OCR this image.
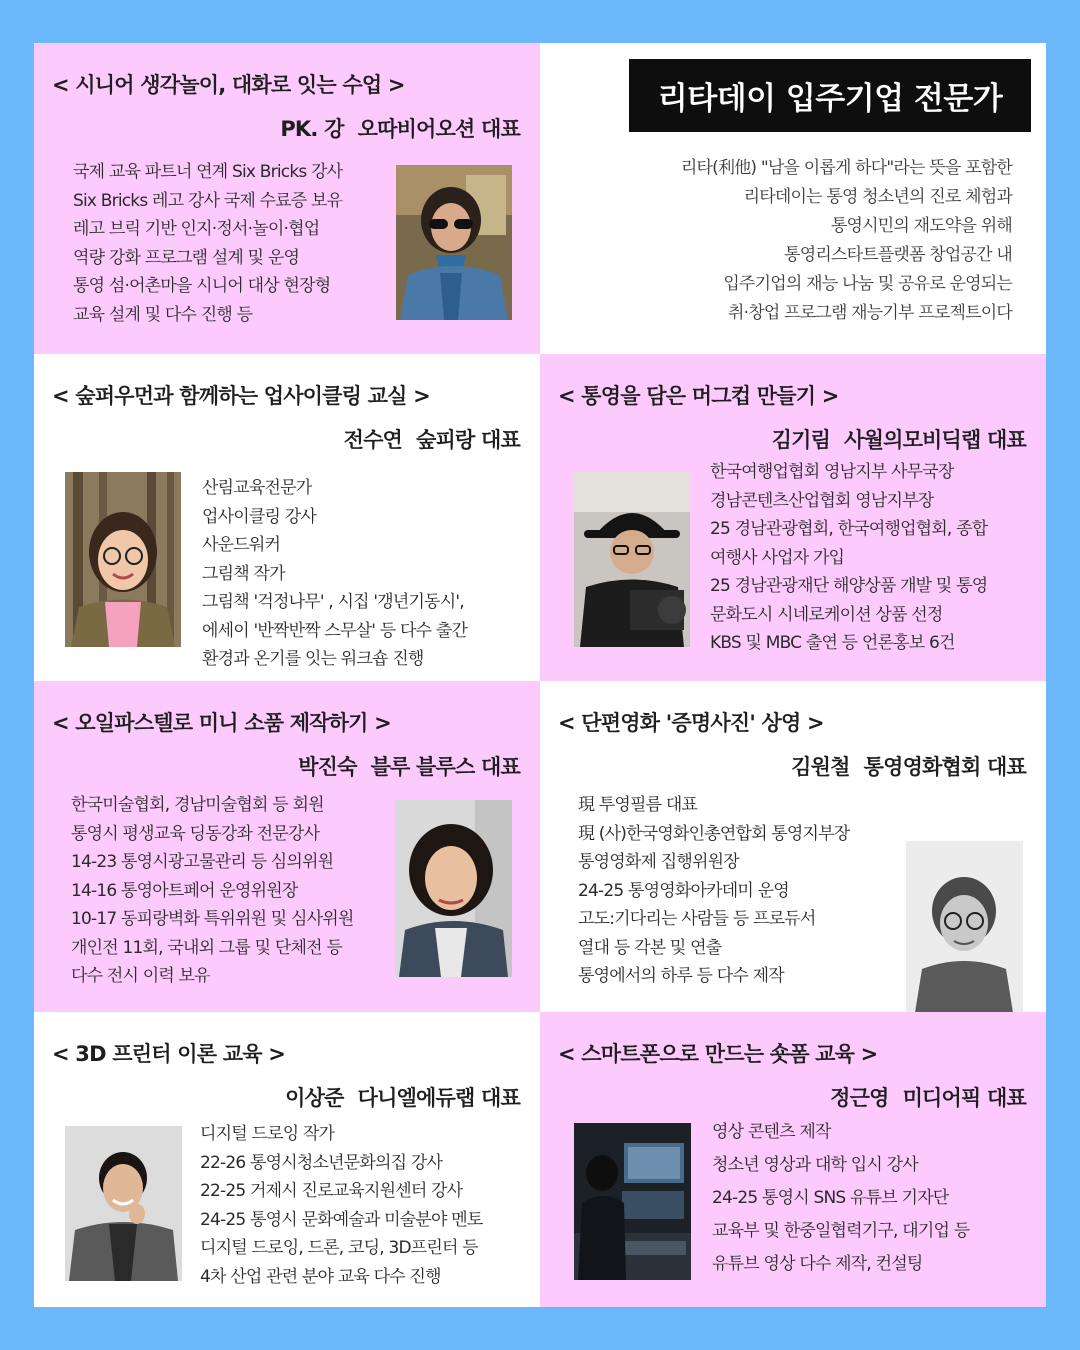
< 시니어 생각놀이, 대화로 잇는 수업 >
PK. 강 오따비어오션 대표
국제 교육 파트너 연계 Six Bricks 강사
Six Bricks 레고 강사 국제 수료증 보유
레고 브릭 기반 인지·정서·놀이·협업
역량 강화 프로그램 설계 및 운영
통영 섬·어촌마을 시니어 대상 현장형
교육 설계 및 다수 진행 등
리타데이 입주기업 전문가
리타(利他) "남을 이롭게 하다"라는 뜻을 포함한
리타데이는 통영 청소년의 진로 체험과
통영시민의 재도약을 위해
통영리스타트플랫폼 창업공간 내
입주기업의 재능 나눔 및 공유로 운영되는
취·창업 프로그램 재능기부 프로젝트이다
< 숲퍼우먼과 함께하는 업사이클링 교실 >
전수연 숲피랑 대표
산림교육전문가
업사이클링 강사
사운드워커
그림책 작가
그림책 '걱정나무' , 시집 '갱년기동시',
에세이 '반짝반짝 스무살' 등 다수 출간
환경과 온기를 잇는 워크숍 진행
< 통영을 담은 머그컵 만들기 >
김기림 사월의모비딕랩 대표
한국여행업협회 영남지부 사무국장
경남콘텐츠산업협회 영남지부장
25 경남관광협회, 한국여행업협회, 종합
여행사 사업자 가입
25 경남관광재단 해양상품 개발 및 통영
문화도시 시네로케이션 상품 선정
KBS 및 MBC 출연 등 언론홍보 6건
< 오일파스텔로 미니 소품 제작하기 >
박진숙 블루 블루스 대표
한국미술협회, 경남미술협회 등 회원
통영시 평생교육 딩동강좌 전문강사
14-23 통영시광고물관리 등 심의위원
14-16 통영아트페어 운영위원장
10-17 동피랑벽화 특위위원 및 심사위원
개인전 11회, 국내외 그룹 및 단체전 등
다수 전시 이력 보유
< 단편영화 '증명사진' 상영 >
김원철 통영영화협회 대표
現 투영필름 대표
現 (사)한국영화인총연합회 통영지부장
통영영화제 집행위원장
24-25 통영영화아카데미 운영
고도:기다리는 사람들 등 프로듀서
열대 등 각본 및 연출
통영에서의 하루 등 다수 제작
< 3D 프린터 이론 교육 >
이상준 다니엘에듀랩 대표
디지털 드로잉 작가
22-26 통영시청소년문화의집 강사
22-25 거제시 진로교육지원센터 강사
24-25 통영시 문화예술과 미술분야 멘토
디지털 드로잉, 드론, 코딩, 3D프린터 등
4차 산업 관련 분야 교육 다수 진행
< 스마트폰으로 만드는 숏폼 교육 >
정근영 미디어픽 대표
영상 콘텐츠 제작
청소년 영상과 대학 입시 강사
24-25 통영시 SNS 유튜브 기자단
교육부 및 한중일협력기구, 대기업 등
유튜브 영상 다수 제작, 컨설팅
